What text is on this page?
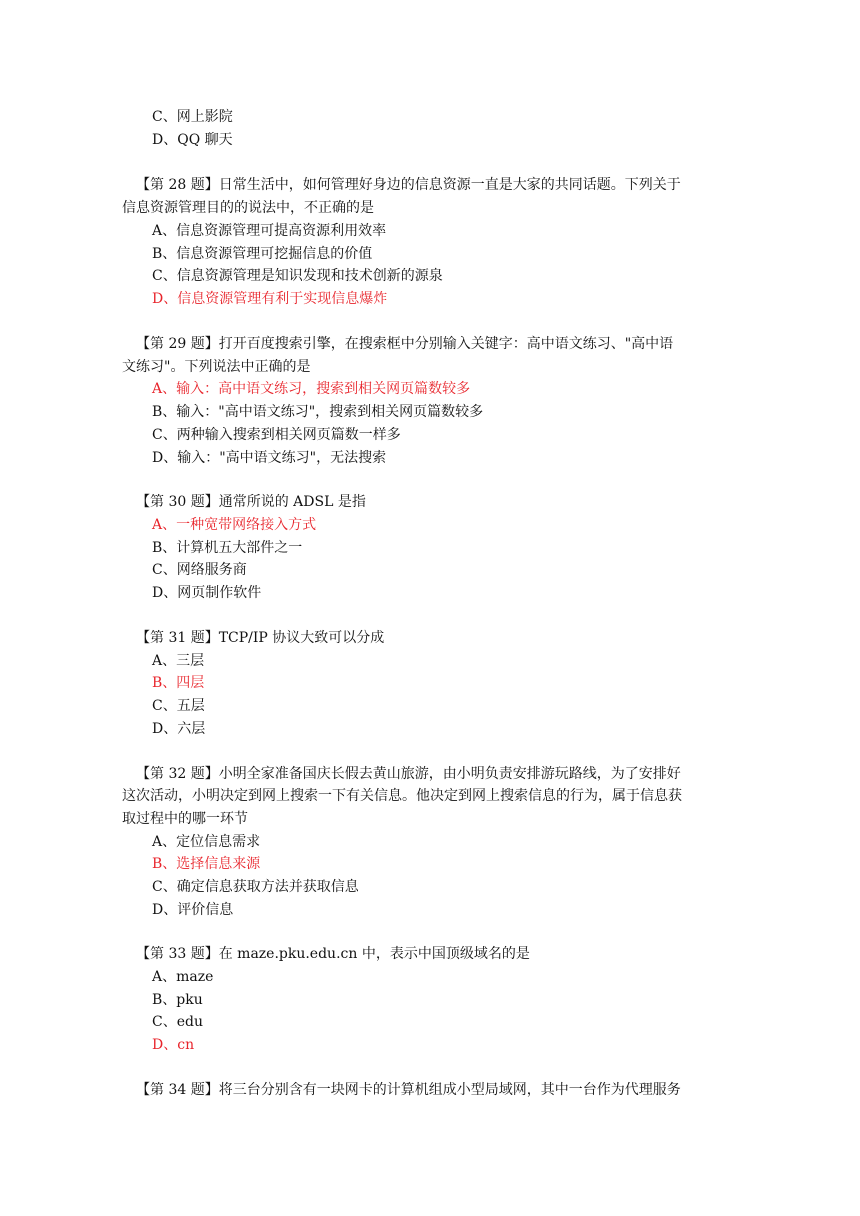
C、网上影院
D、QQ 聊天
【第 28 题】日常生活中，如何管理好身边的信息资源一直是大家的共同话题。下列关于
信息资源管理目的的说法中，不正确的是
A、信息资源管理可提高资源利用效率
B、信息资源管理可挖掘信息的价值
C、信息资源管理是知识发现和技术创新的源泉
D、信息资源管理有利于实现信息爆炸
【第 29 题】打开百度搜索引擎，在搜索框中分别输入关键字：高中语文练习、"高中语
文练习"。下列说法中正确的是
A、输入：高中语文练习，搜索到相关网页篇数较多
B、输入："高中语文练习"，搜索到相关网页篇数较多
C、两种输入搜索到相关网页篇数一样多
D、输入："高中语文练习"，无法搜索
【第 30 题】通常所说的 ADSL 是指
A、一种宽带网络接入方式
B、计算机五大部件之一
C、网络服务商
D、网页制作软件
【第 31 题】TCP/IP 协议大致可以分成
A、三层
B、四层
C、五层
D、六层
【第 32 题】小明全家准备国庆长假去黄山旅游，由小明负责安排游玩路线，为了安排好
这次活动，小明决定到网上搜索一下有关信息。他决定到网上搜索信息的行为，属于信息获
取过程中的哪一环节
A、定位信息需求
B、选择信息来源
C、确定信息获取方法并获取信息
D、评价信息
【第 33 题】在 maze.pku.edu.cn 中，表示中国顶级域名的是
A、maze
B、pku
C、edu
D、cn
【第 34 题】将三台分别含有一块网卡的计算机组成小型局域网，其中一台作为代理服务
